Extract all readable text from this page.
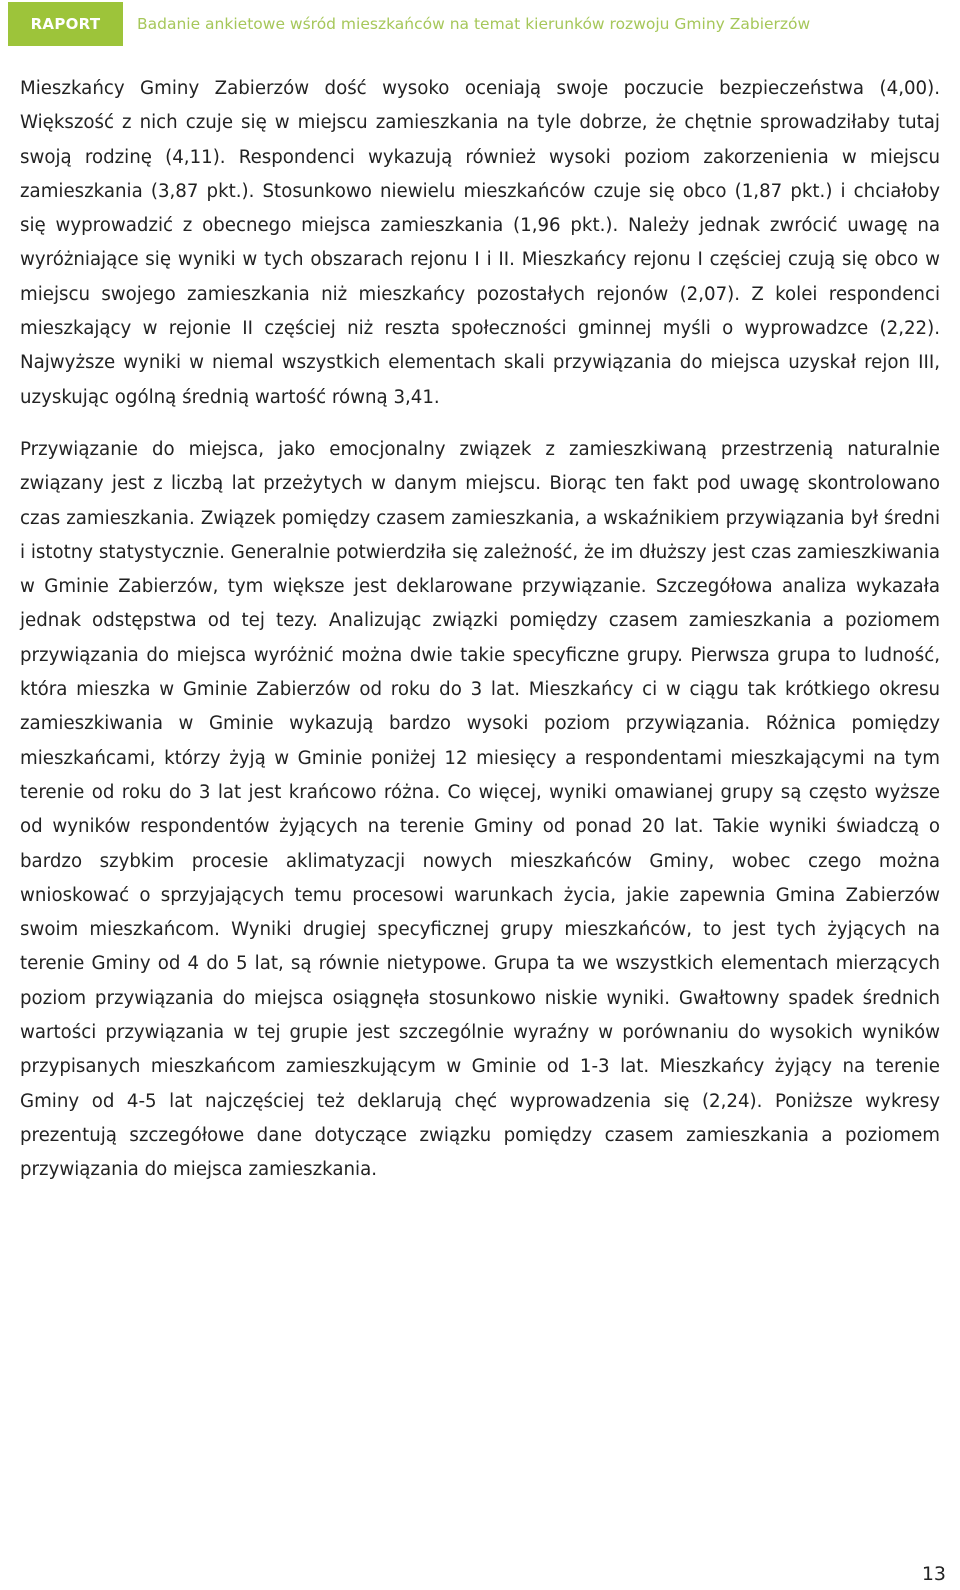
RAPORT	Badanie ankietowe wśród mieszkańców na temat kierunków rozwoju Gminy Zabierzów

Mieszkańcy Gminy Zabierzów dość wysoko oceniają swoje poczucie bezpieczeństwa (4,00). Większość z nich czuje się w miejscu zamieszkania na tyle dobrze, że chętnie sprowadziłaby tutaj swoją rodzinę (4,11). Respondenci wykazują również wysoki poziom zakorzenienia w miejscu zamieszkania (3,87 pkt.). Stosunkowo niewielu mieszkańców czuje się obco (1,87 pkt.) i chciałoby się wyprowadzić z obecnego miejsca zamieszkania (1,96 pkt.). Należy jednak zwrócić uwagę na wyróżniające się wyniki w tych obszarach rejonu I i II. Mieszkańcy rejonu I częściej czują się obco w miejscu swojego zamieszkania niż mieszkańcy pozostałych rejonów (2,07). Z kolei respondenci mieszkający w rejonie II częściej niż reszta społeczności gminnej myśli o wyprowadzce (2,22). Najwyższe wyniki w niemal wszystkich elementach skali przywiązania do miejsca uzyskał rejon III, uzyskując ogólną średnią wartość równą 3,41.

Przywiązanie do miejsca, jako emocjonalny związek z zamieszkiwaną przestrzenią naturalnie związany jest z liczbą lat przeżytych w danym miejscu. Biorąc ten fakt pod uwagę skontrolowano czas zamieszkania. Związek pomiędzy czasem zamieszkania, a wskaźnikiem przywiązania był średni i istotny statystycznie. Generalnie potwierdziła się zależność, że im dłuższy jest czas zamieszkiwania w Gminie Zabierzów, tym większe jest deklarowane przywiązanie. Szczegółowa analiza wykazała jednak odstępstwa od tej tezy. Analizując związki pomiędzy czasem zamieszkania a poziomem przywiązania do miejsca wyróżnić można dwie takie specyficzne grupy. Pierwsza grupa to ludność, która mieszka w Gminie Zabierzów od roku do 3 lat. Mieszkańcy ci w ciągu tak krótkiego okresu zamieszkiwania w Gminie wykazują bardzo wysoki poziom przywiązania. Różnica pomiędzy mieszkańcami, którzy żyją w Gminie poniżej 12 miesięcy a respondentami mieszkającymi na tym terenie od roku do 3 lat jest krańcowo różna. Co więcej, wyniki omawianej grupy są często wyższe od wyników respondentów żyjących na terenie Gminy od ponad 20 lat. Takie wyniki świadczą o bardzo szybkim procesie aklimatyzacji nowych mieszkańców Gminy, wobec czego można wnioskować o sprzyjających temu procesowi warunkach życia, jakie zapewnia Gmina Zabierzów swoim mieszkańcom. Wyniki drugiej specyficznej grupy mieszkańców, to jest tych żyjących na terenie Gminy od 4 do 5 lat, są równie nietypowe. Grupa ta we wszystkich elementach mierzących poziom przywiązania do miejsca osiągnęła stosunkowo niskie wyniki. Gwałtowny spadek średnich wartości przywiązania w tej grupie jest szczególnie wyraźny w porównaniu do wysokich wyników przypisanych mieszkańcom zamieszkującym w Gminie od 1-3 lat. Mieszkańcy żyjący na terenie Gminy od 4-5 lat najczęściej też deklarują chęć wyprowadzenia się (2,24). Poniższe wykresy prezentują szczegółowe dane dotyczące związku pomiędzy czasem zamieszkania a poziomem przywiązania do miejsca zamieszkania.

13
